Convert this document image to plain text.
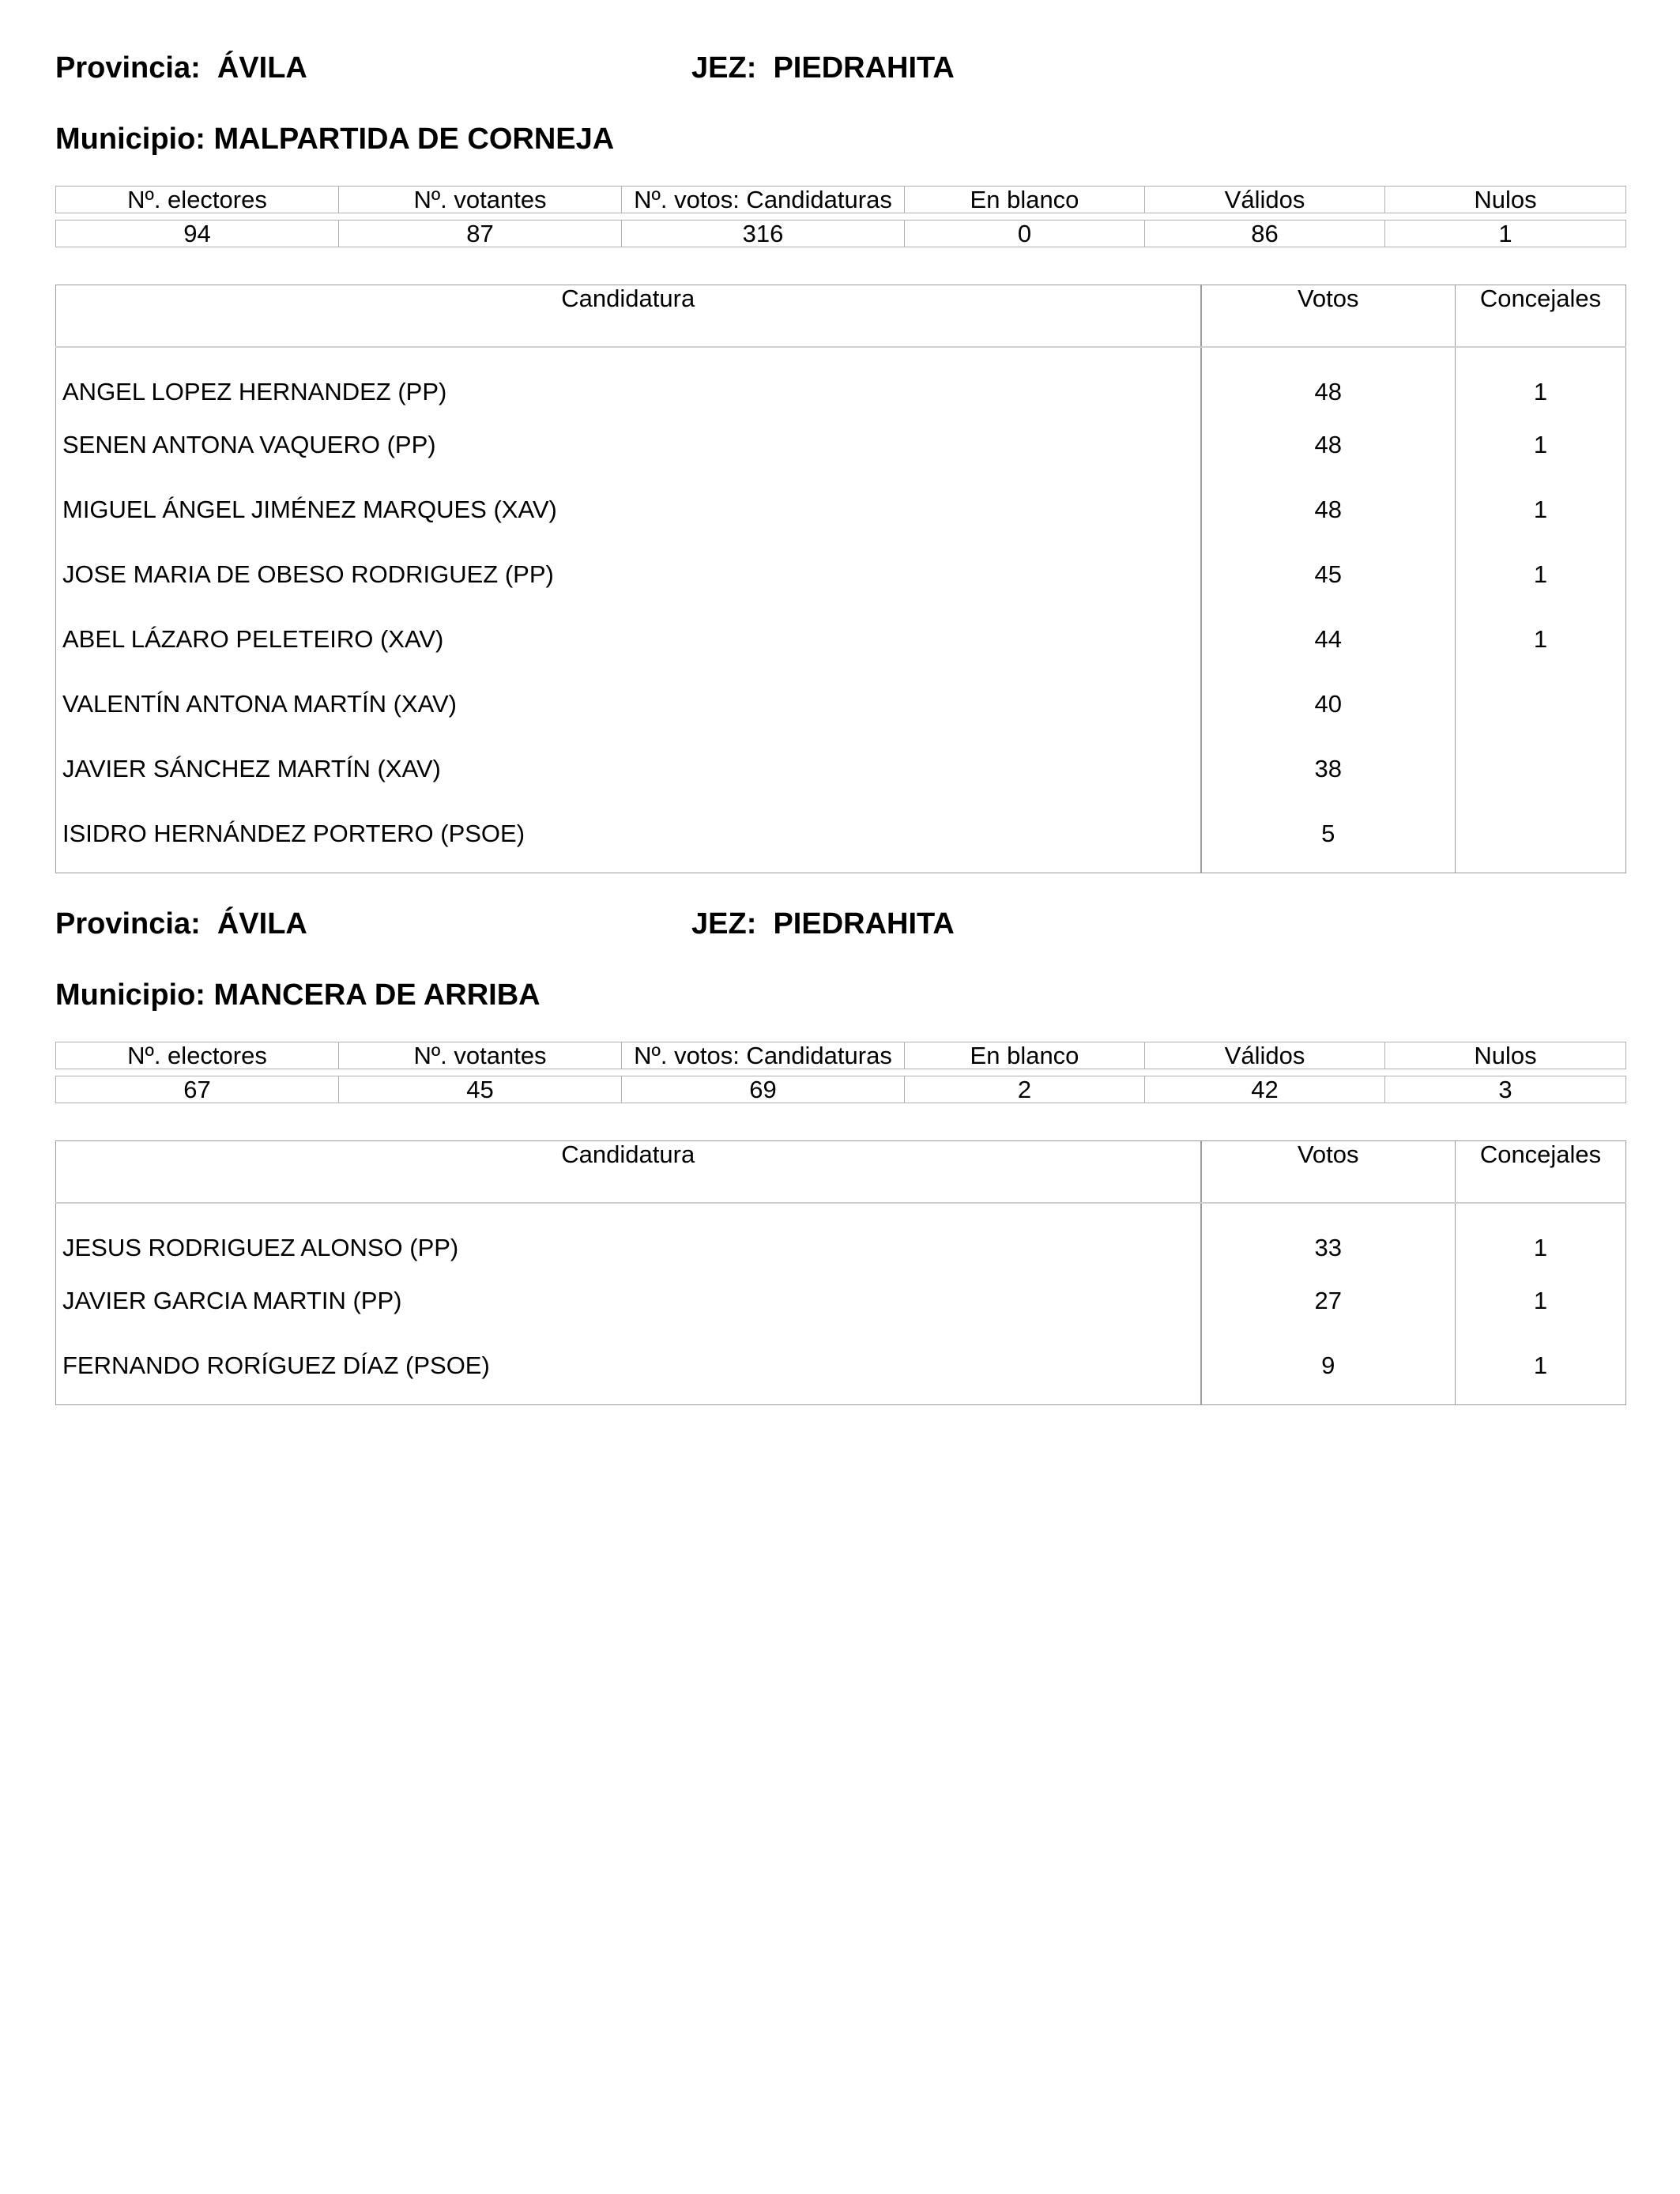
Provincia:  ÁVILA	JEZ:  PIEDRAHITA
Municipio: MALPARTIDA DE CORNEJA
Nº. electores	Nº. votantes	Nº. votos: Candidaturas	En blanco	Válidos	Nulos

94	87	316	0	86	1
Candidatura	Votos	Concejales
ANGEL LOPEZ HERNANDEZ (PP)	48	1
SENEN ANTONA VAQUERO (PP)	48	1
MIGUEL ÁNGEL JIMÉNEZ MARQUES (XAV)	48	1
JOSE MARIA DE OBESO RODRIGUEZ (PP)	45	1
ABEL LÁZARO PELETEIRO (XAV)	44	1
VALENTÍN ANTONA MARTÍN (XAV)	40	
JAVIER SÁNCHEZ MARTÍN (XAV)	38	
ISIDRO HERNÁNDEZ PORTERO (PSOE)	5	
Provincia:  ÁVILA	JEZ:  PIEDRAHITA
Municipio: MANCERA DE ARRIBA
Nº. electores	Nº. votantes	Nº. votos: Candidaturas	En blanco	Válidos	Nulos

67	45	69	2	42	3
Candidatura	Votos	Concejales
JESUS RODRIGUEZ ALONSO (PP)	33	1
JAVIER GARCIA MARTIN (PP)	27	1
FERNANDO RORÍGUEZ DÍAZ (PSOE)	9	1
